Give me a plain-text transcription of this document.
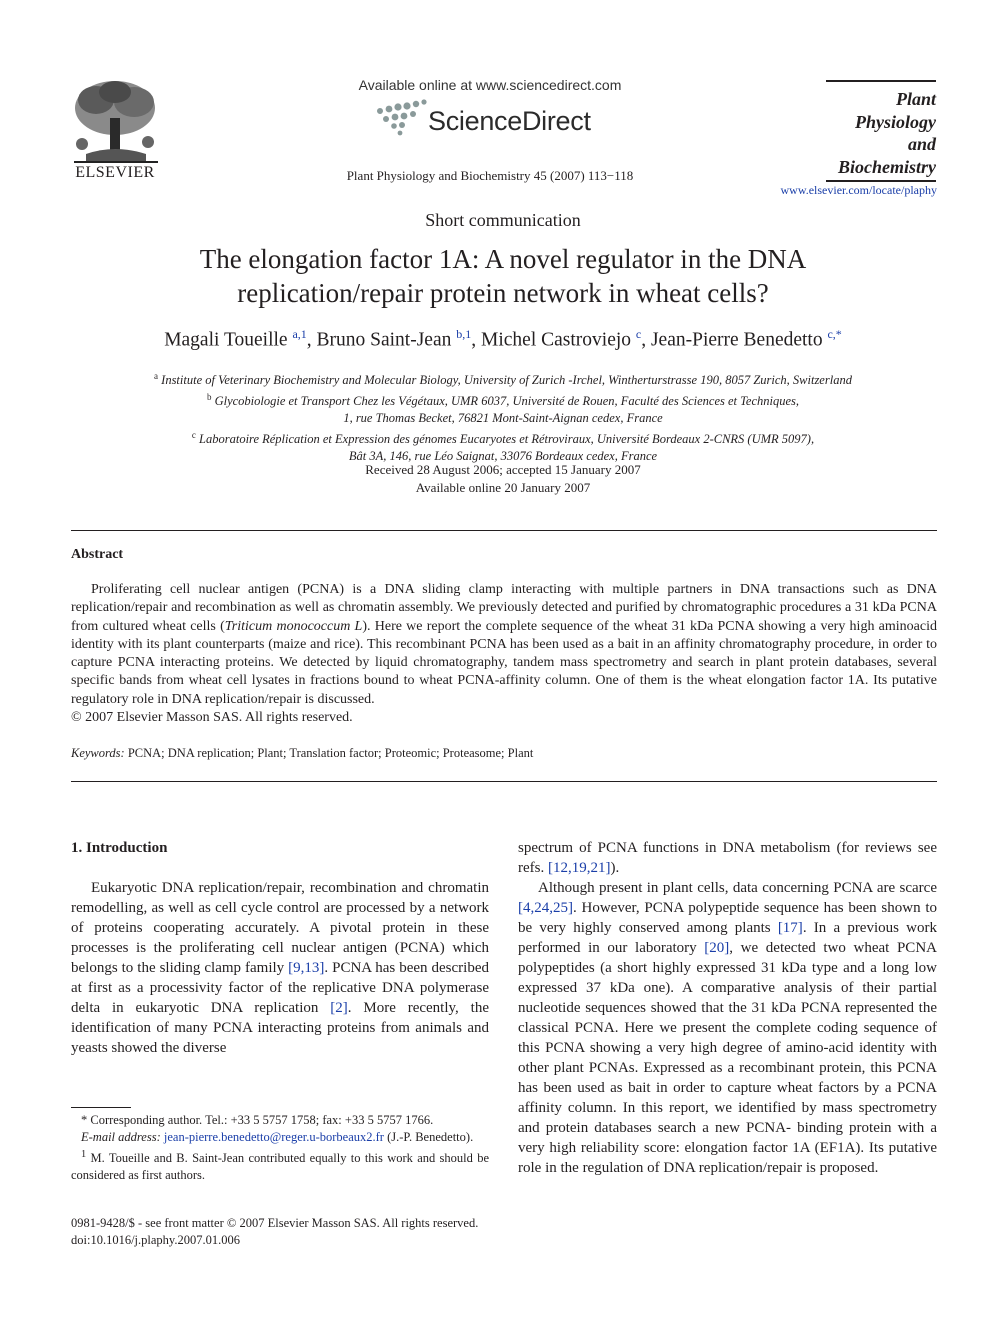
ELSEVIER
Available online at www.sciencedirect.com
ScienceDirect
Plant Physiology and Biochemistry 45 (2007) 113−118
Plant
Physiology
and
Biochemistry
www.elsevier.com/locate/plaphy
Short communication
The elongation factor 1A: A novel regulator in the DNA
replication/repair protein network in wheat cells?
Magali Toueille $^{a,1}$, Bruno Saint-Jean $^{b,1}$, Michel Castroviejo $^c$, Jean-Pierre Benedetto $^{c,*}$
$^a$ Institute of Veterinary Biochemistry and Molecular Biology, University of Zurich -Irchel, Wintherturstrasse 190, 8057 Zurich, Switzerland
$^b$ Glycobiologie et Transport Chez les Végétaux, UMR 6037, Université de Rouen, Faculté des Sciences et Techniques,
1, rue Thomas Becket, 76821 Mont-Saint-Aignan cedex, France
$^c$ Laboratoire Réplication et Expression des génomes Eucaryotes et Rétroviraux, Université Bordeaux 2-CNRS (UMR 5097),
Bât 3A, 146, rue Léo Saignat, 33076 Bordeaux cedex, France
Received 28 August 2006; accepted 15 January 2007
Available online 20 January 2007
Abstract
Proliferating cell nuclear antigen (PCNA) is a DNA sliding clamp interacting with multiple partners in DNA transactions such as DNA replication/repair and recombination as well as chromatin assembly. We previously detected and purified by chromatographic procedures a 31 kDa PCNA from cultured wheat cells (Triticum monococcum L). Here we report the complete sequence of the wheat 31 kDa PCNA showing a very high aminoacid identity with its plant counterparts (maize and rice). This recombinant PCNA has been used as a bait in an affinity chromatography procedure, in order to capture PCNA interacting proteins. We detected by liquid chromatography, tandem mass spectrometry and search in plant protein databases, several specific bands from wheat cell lysates in fractions bound to wheat PCNA-affinity column. One of them is the wheat elongation factor 1A. Its putative regulatory role in DNA replication/repair is discussed.
© 2007 Elsevier Masson SAS. All rights reserved.
Keywords: PCNA; DNA replication; Plant; Translation factor; Proteomic; Proteasome; Plant
1. Introduction
Eukaryotic DNA replication/repair, recombination and chromatin remodelling, as well as cell cycle control are processed by a network of proteins cooperating accurately. A pivotal protein in these processes is the proliferating cell nuclear antigen (PCNA) which belongs to the sliding clamp family [9,13]. PCNA has been described at first as a processivity factor of the replicative DNA polymerase delta in eukaryotic DNA replication [2]. More recently, the identification of many PCNA interacting proteins from animals and yeasts showed the diverse
spectrum of PCNA functions in DNA metabolism (for reviews see refs. [12,19,21]).
Although present in plant cells, data concerning PCNA are scarce [4,24,25]. However, PCNA polypeptide sequence has been shown to be very highly conserved among plants [17]. In a previous work performed in our laboratory [20], we detected two wheat PCNA polypeptides (a short highly expressed 31 kDa type and a long low expressed 37 kDa one). A comparative analysis of their partial nucleotide sequences showed that the 31 kDa PCNA represented the classical PCNA. Here we present the complete coding sequence of this PCNA showing a very high degree of amino-acid identity with other plant PCNAs. Expressed as a recombinant protein, this PCNA has been used as bait in order to capture wheat factors by a PCNA affinity column. In this report, we identified by mass spectrometry and protein databases search a new PCNA- binding protein with a very high reliability score: elongation factor 1A (EF1A). Its putative role in the regulation of DNA replication/repair is proposed.
* Corresponding author. Tel.: +33 5 5757 1758; fax: +33 5 5757 1766.
E-mail address: jean-pierre.benedetto@reger.u-borbeaux2.fr (J.-P. Benedetto).
$^1$ M. Toueille and B. Saint-Jean contributed equally to this work and should be considered as first authors.
0981-9428/$ - see front matter © 2007 Elsevier Masson SAS. All rights reserved.
doi:10.1016/j.plaphy.2007.01.006
